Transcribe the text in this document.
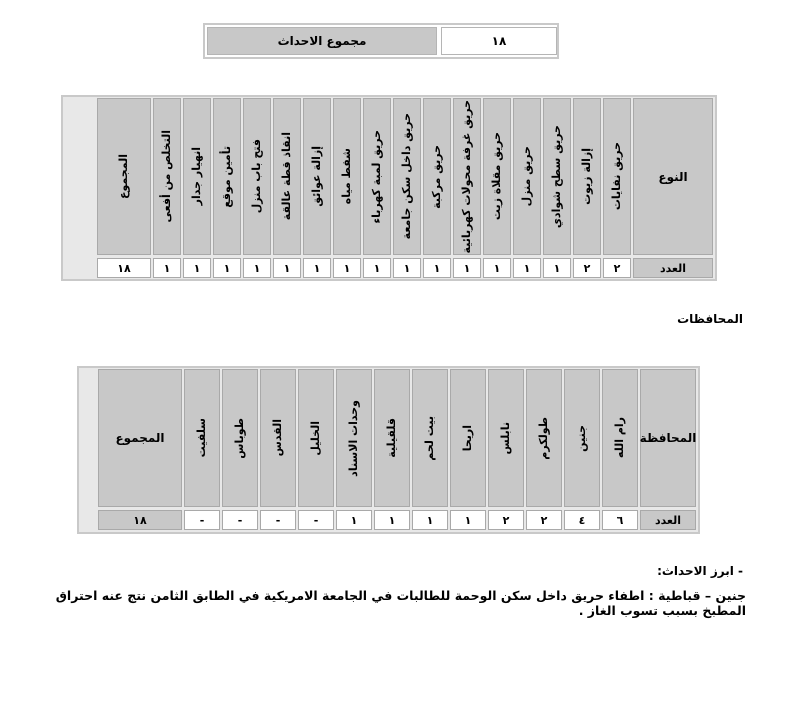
مجموع الاحداث	١٨
النوع
العدد
حريق نفايات
٢
إزالة زيوت
٢
حريق سطح شوادي
١
حريق منزل
١
حريق مقلاة زيت
١
حريق غرفة محولات كهربائية
١
حريق مركبة
١
حريق داخل سكن جامعة
١
حريق لمبة كهرباء
١
شفط مياه
١
إزالة عوائق
١
انقاذ قطة عالقة
١
فتح باب منزل
١
تأمين موقع
١
انهيار جدار
١
التخلص من أفعى
١
المجموع
١٨
المحافظات
المحافظة
العدد
رام الله
٦
جنين
٤
طولكرم
٢
نابلس
٢
اريحا
١
بيت لحم
١
قلقيلية
١
وحدات الاسناد
١
الخليل
-
القدس
-
طوباس
-
سلفيت
-
المجموع
١٨
- ابرز الاحداث:
جنين – قباطية : اطفاء حريق داخل سكن الوحمة للطالبات في الجامعة الامريكية في الطابق الثامن نتج عنه احتراق المطبخ بسبب تسوب الغاز .
